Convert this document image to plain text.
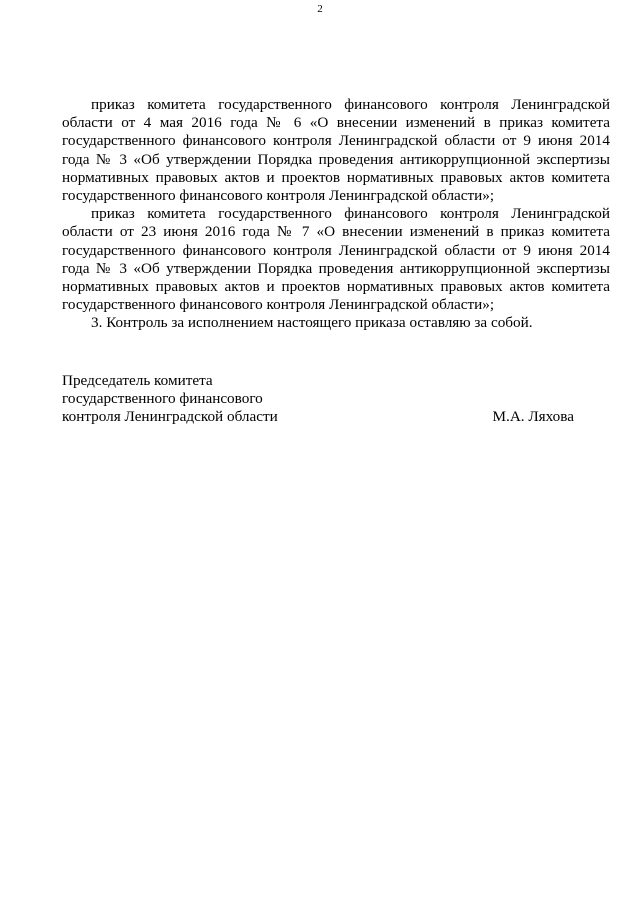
2

приказ комитета государственного финансового контроля Ленинградской области от 4 мая 2016 года № 6 «О внесении изменений в приказ комитета государственного финансового контроля Ленинградской области от 9 июня 2014 года № 3 «Об утверждении Порядка проведения антикоррупционной экспертизы нормативных правовых актов и проектов нормативных правовых актов комитета государственного финансового контроля Ленинградской области»;

приказ комитета государственного финансового контроля Ленинградской области от 23 июня 2016 года № 7 «О внесении изменений в приказ комитета государственного финансового контроля Ленинградской области от 9 июня 2014 года № 3 «Об утверждении Порядка проведения антикоррупционной экспертизы нормативных правовых актов и проектов нормативных правовых актов комитета государственного финансового контроля Ленинградской области»;

3. Контроль за исполнением настоящего приказа оставляю за собой.

Председатель комитета
государственного финансового
контроля Ленинградской области	М.А. Ляхова
